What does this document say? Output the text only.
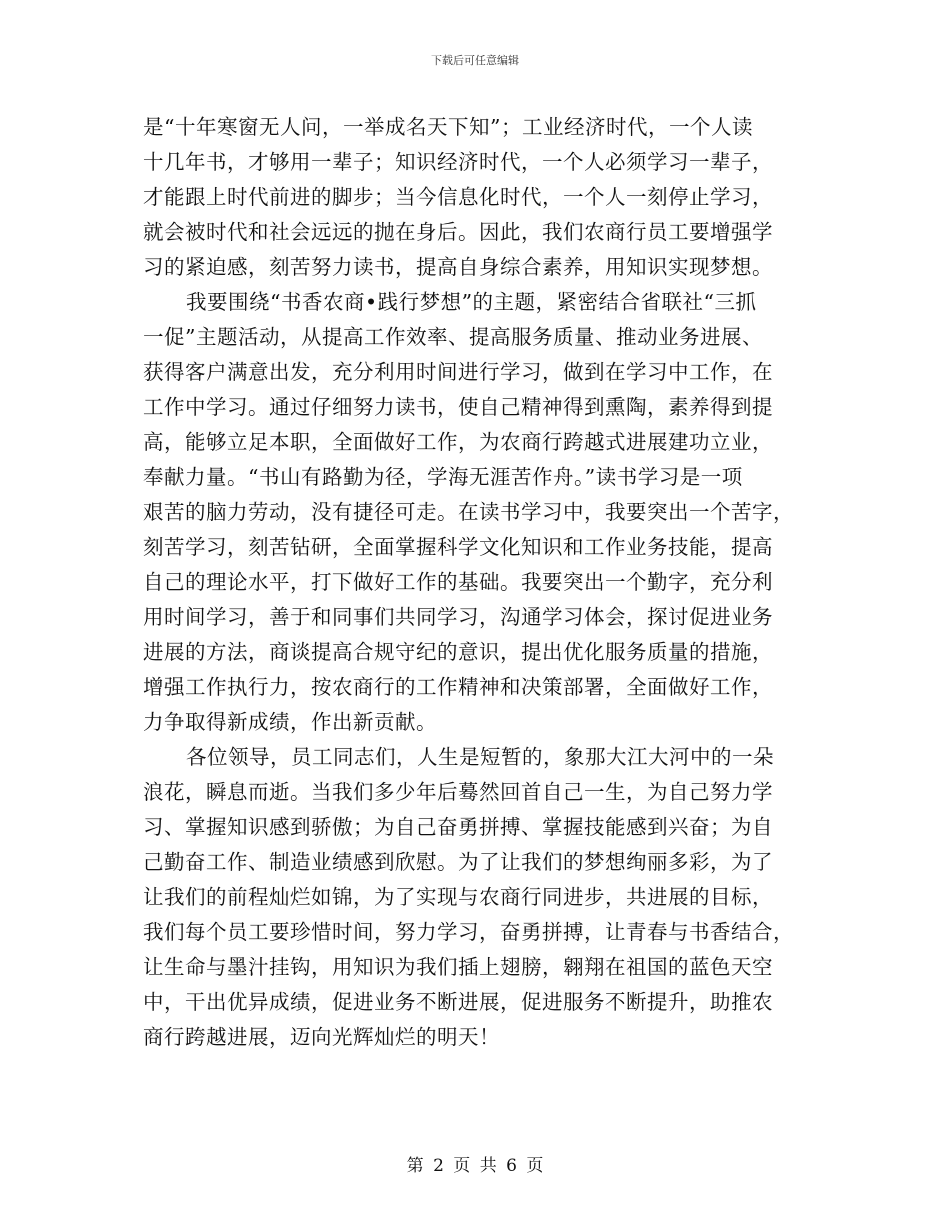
下载后可任意编辑
是“十年寒窗无人问，一举成名天下知”；工业经济时代，一个人读
十几年书，才够用一辈子；知识经济时代，一个人必须学习一辈子，
才能跟上时代前进的脚步；当今信息化时代，一个人一刻停止学习，
就会被时代和社会远远的抛在身后。因此，我们农商行员工要增强学
习的紧迫感，刻苦努力读书，提高自身综合素养，用知识实现梦想。
我要围绕“书香农商•践行梦想”的主题，紧密结合省联社“三抓
一促”主题活动，从提高工作效率、提高服务质量、推动业务进展、
获得客户满意出发，充分利用时间进行学习，做到在学习中工作，在
工作中学习。通过仔细努力读书，使自己精神得到熏陶，素养得到提
高，能够立足本职，全面做好工作，为农商行跨越式进展建功立业，
奉献力量。“书山有路勤为径，学海无涯苦作舟。”读书学习是一项
艰苦的脑力劳动，没有捷径可走。在读书学习中，我要突出一个苦字，
刻苦学习，刻苦钻研，全面掌握科学文化知识和工作业务技能，提高
自己的理论水平，打下做好工作的基础。我要突出一个勤字，充分利
用时间学习，善于和同事们共同学习，沟通学习体会，探讨促进业务
进展的方法，商谈提高合规守纪的意识，提出优化服务质量的措施，
增强工作执行力，按农商行的工作精神和决策部署，全面做好工作，
力争取得新成绩，作出新贡献。
各位领导，员工同志们，人生是短暂的，象那大江大河中的一朵
浪花，瞬息而逝。当我们多少年后蓦然回首自己一生，为自己努力学
习、掌握知识感到骄傲；为自己奋勇拼搏、掌握技能感到兴奋；为自
己勤奋工作、制造业绩感到欣慰。为了让我们的梦想绚丽多彩，为了
让我们的前程灿烂如锦，为了实现与农商行同进步，共进展的目标，
我们每个员工要珍惜时间，努力学习，奋勇拼搏，让青春与书香结合，
让生命与墨汁挂钩，用知识为我们插上翅膀，翱翔在祖国的蓝色天空
中，干出优异成绩，促进业务不断进展，促进服务不断提升，助推农
商行跨越进展，迈向光辉灿烂的明天！
第 2 页 共 6 页
